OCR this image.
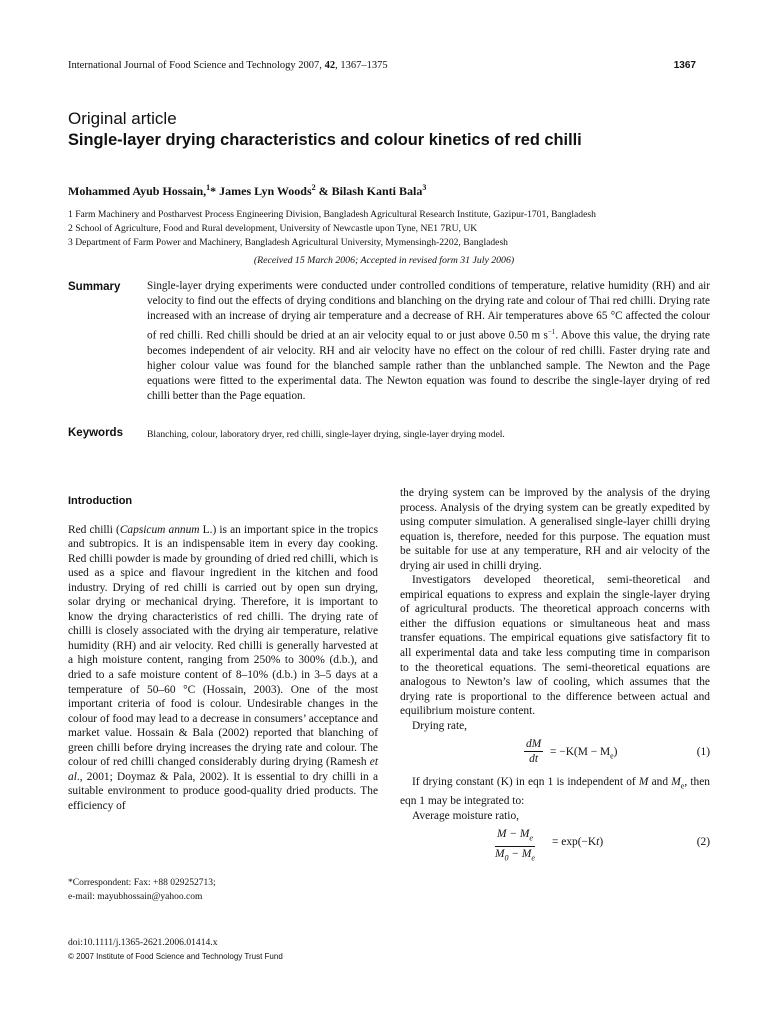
International Journal of Food Science and Technology 2007, 42, 1367–1375	1367
Original article
Single-layer drying characteristics and colour kinetics of red chilli
Mohammed Ayub Hossain,$^1$* James Lyn Woods$^2$ & Bilash Kanti Bala$^3$
1 Farm Machinery and Postharvest Process Engineering Division, Bangladesh Agricultural Research Institute, Gazipur-1701, Bangladesh
2 School of Agriculture, Food and Rural development, University of Newcastle upon Tyne, NE1 7RU, UK
3 Department of Farm Power and Machinery, Bangladesh Agricultural University, Mymensingh-2202, Bangladesh
(Received 15 March 2006; Accepted in revised form 31 July 2006)
Summary Single-layer drying experiments were conducted under controlled conditions of temperature, relative humidity (RH) and air velocity to find out the effects of drying conditions and blanching on the drying rate and colour of Thai red chilli. Drying rate increased with an increase of drying air temperature and a decrease of RH. Air temperatures above 65 °C affected the colour of red chilli. Red chilli should be dried at an air velocity equal to or just above 0.50 m $s^{-1}$. Above this value, the drying rate becomes independent of air velocity. RH and air velocity have no effect on the colour of red chilli. Faster drying rate and higher colour value was found for the blanched sample rather than the unblanched sample. The Newton and the Page equations were fitted to the experimental data. The Newton equation was found to describe the single-layer drying of red chilli better than the Page equation.
Keywords	Blanching, colour, laboratory dryer, red chilli, single-layer drying, single-layer drying model.

Introduction

Red chilli (Capsicum annum L.) is an important spice in the tropics and subtropics. It is an indispensable item in every day cooking. Red chilli powder is made by grounding of dried red chilli, which is used as a spice and flavour ingredient in the kitchen and food industry. Drying of red chilli is carried out by open sun drying, solar drying or mechanical drying. Therefore, it is important to know the drying characteristics of red chilli. The drying rate of chilli is closely associated with the drying air temperature, relative humidity (RH) and air velocity. Red chilli is generally harvested at a high moisture content, ranging from 250% to 300% (d.b.), and dried to a safe moisture content of 8–10% (d.b.) in 3–5 days at a temperature of 50–60 °C (Hossain, 2003). One of the most important criteria of food is colour. Undesirable changes in the colour of food may lead to a decrease in consumers’ acceptance and market value. Hossain & Bala (2002) reported that blanching of green chilli before drying increases the drying rate and colour. The colour of red chilli changed considerably during drying (Ramesh et al., 2001; Doymaz & Pala, 2002). It is essential to dry chilli in a suitable environment to produce good-quality dried products. The efficiency of

the drying system can be improved by the analysis of the drying process. Analysis of the drying system can be greatly expedited by using computer simulation. A generalised single-layer chilli drying equation is, therefore, needed for this purpose. The equation must be suitable for use at any temperature, RH and air velocity of the drying air used in chilli drying.

Investigators developed theoretical, semi-theoretical and empirical equations to express and explain the single-layer drying of agricultural products. The theoretical approach concerns with either the diffusion equations or simultaneous heat and mass transfer equations. The empirical equations give satisfactory fit to all experimental data and take less computing time in comparison to the theoretical equations. The semi-theoretical equations are analogous to Newton’s law of cooling, which assumes that the drying rate is proportional to the difference between actual and equilibrium moisture content.

Drying rate,

$\frac{dM}{dt} = -K(M - M_e)$	(1)

If drying constant (K) in eqn 1 is independent of M and $M_e$, then eqn 1 may be integrated to:

Average moisture ratio,

$\frac{M - M_e}{M_0 - M_e} = \exp(-Kt)$	(2)
*Correspondent: Fax: +88 029252713;
e-mail: mayubhossain@yahoo.com
doi:10.1111/j.1365-2621.2006.01414.x
© 2007 Institute of Food Science and Technology Trust Fund
